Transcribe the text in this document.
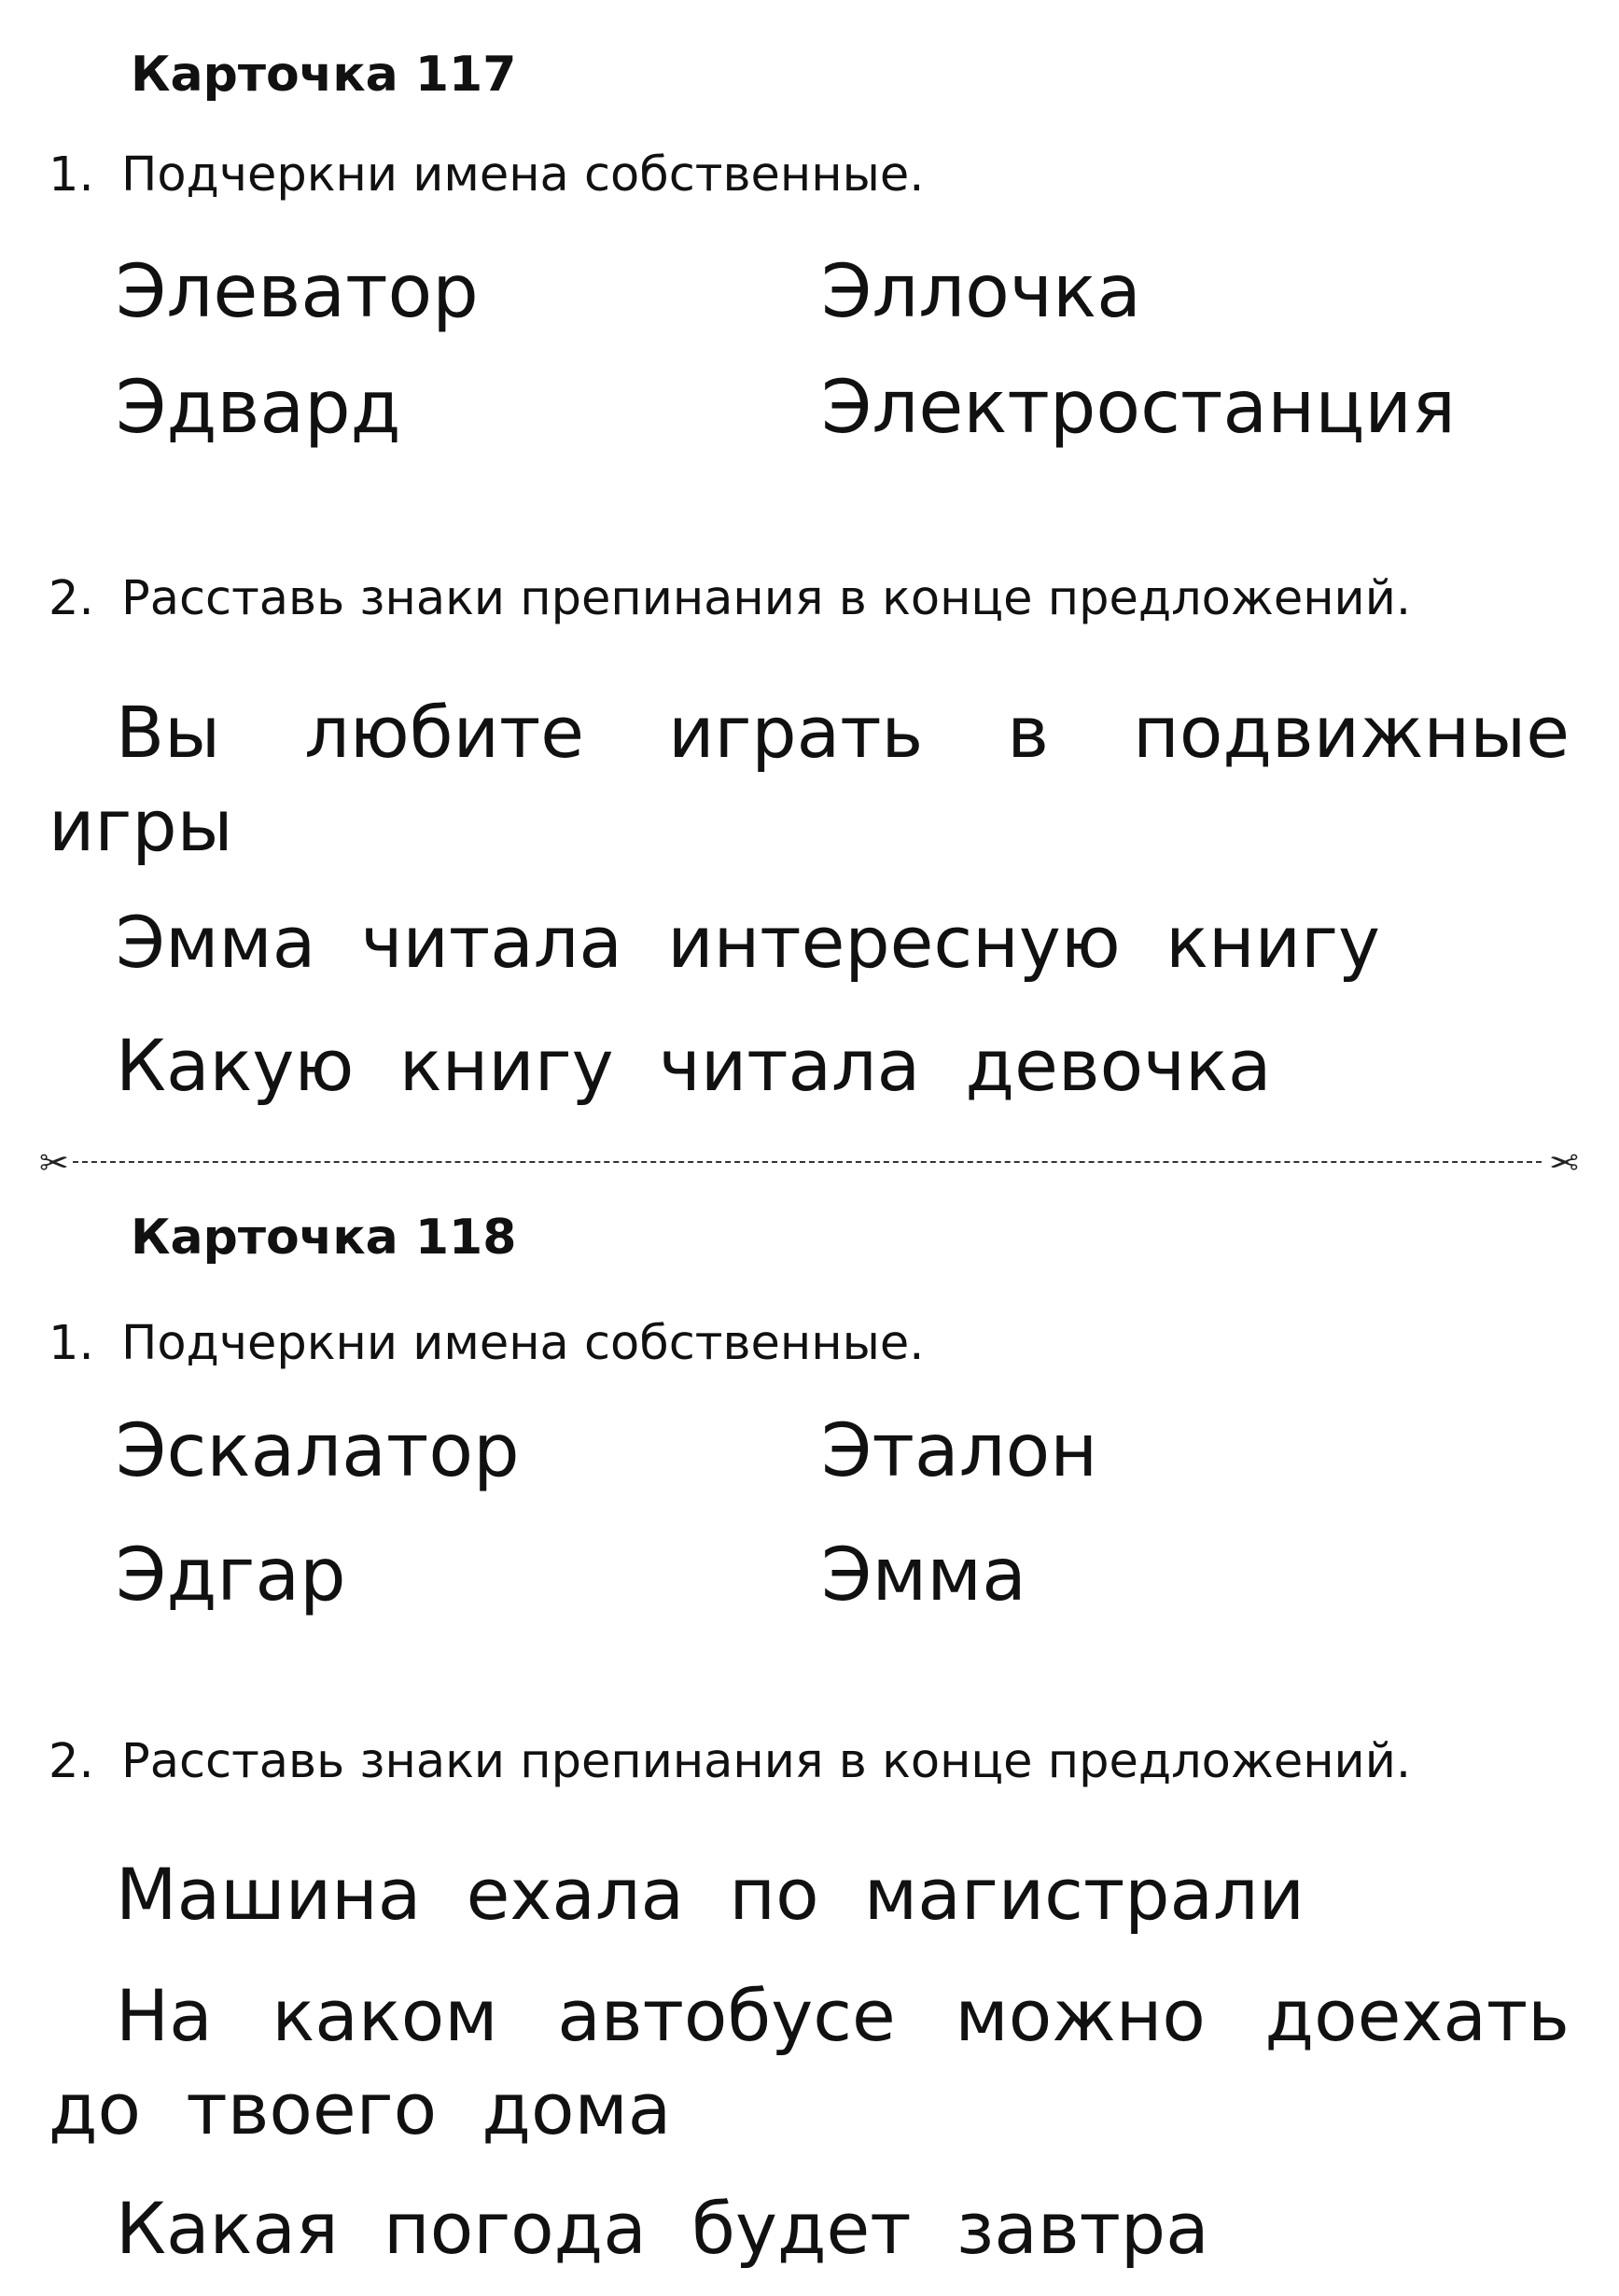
Карточка 117
1. Подчеркни имена собственные.
Элеватор	Эллочка
Эдвард	Электростанция
2. Расставь знаки препинания в конце предложений.
Вы любите играть в подвижные
игры
Эмма  читала  интересную  книгу
Какую  книгу  читала  девочка
✂	✂
Карточка 118
1. Подчеркни имена собственные.
Эскалатор	Эталон
Эдгар	Эмма
2. Расставь знаки препинания в конце предложений.
Машина  ехала  по  магистрали
На каком автобусе можно доехать
до  твоего  дома
Какая  погода  будет  завтра
